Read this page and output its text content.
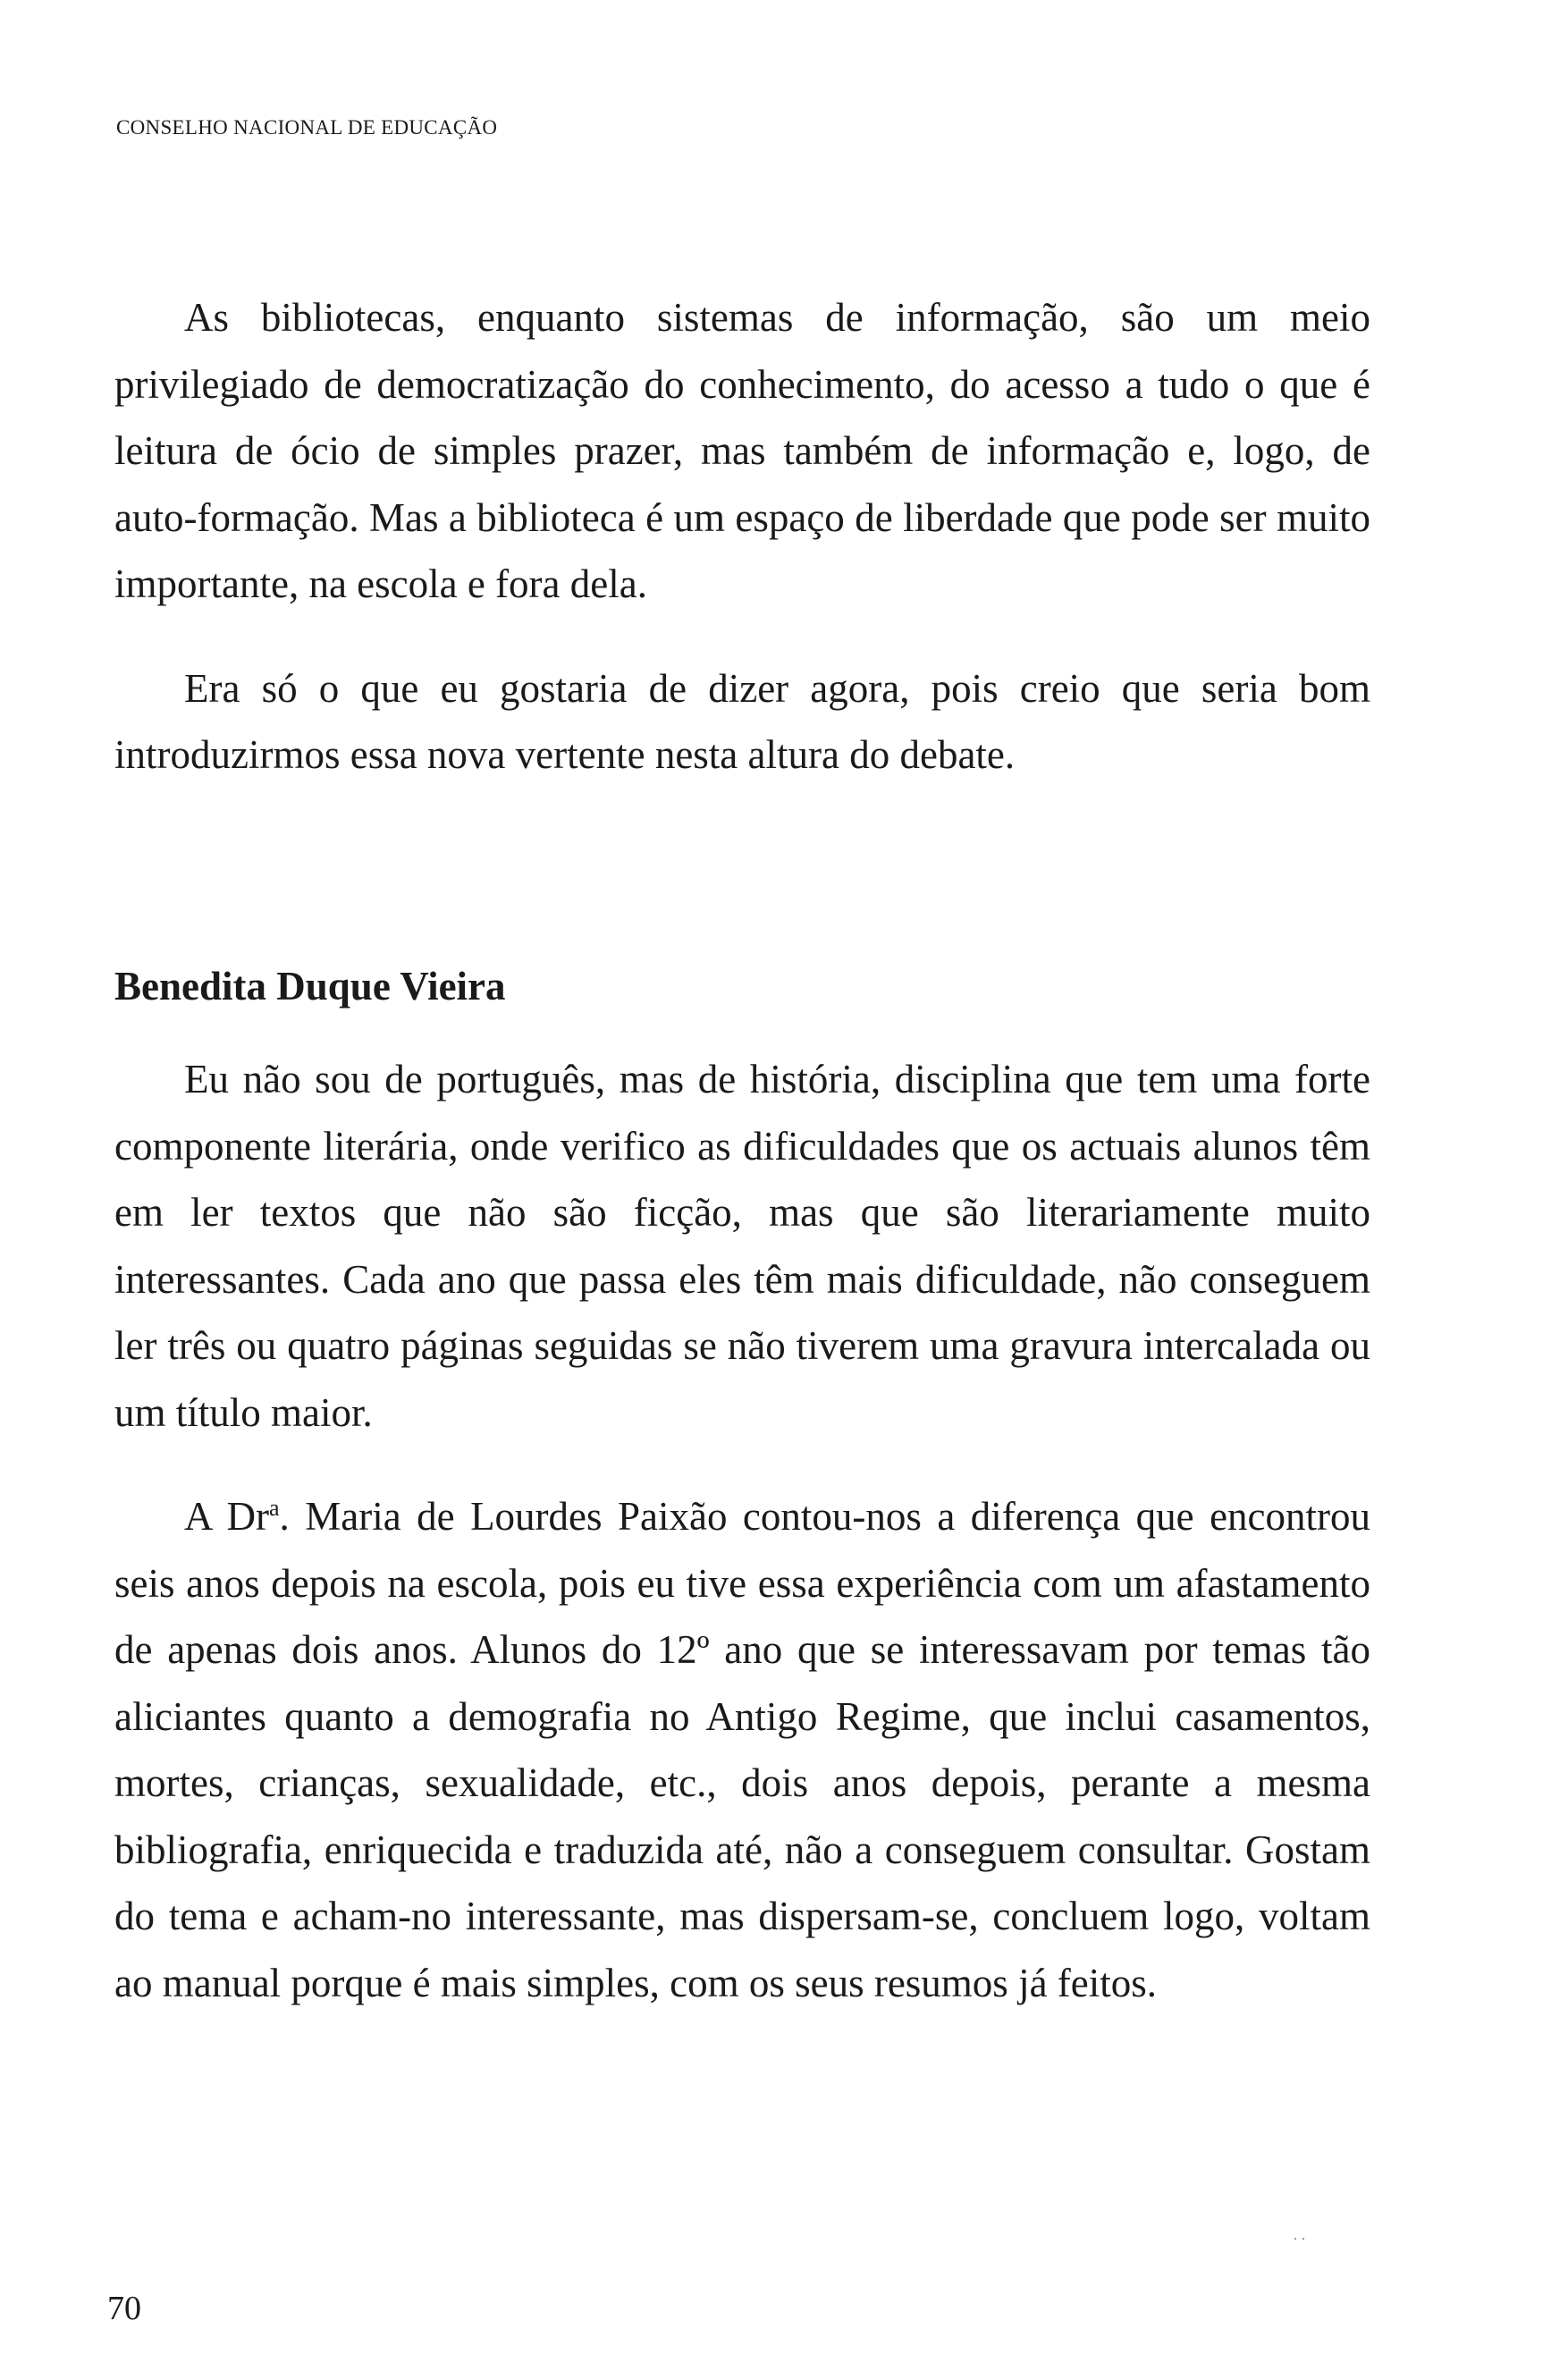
CONSELHO NACIONAL DE EDUCAÇÃO

As bibliotecas, enquanto sistemas de informação, são um meio privilegiado de democratização do conhecimento, do acesso a tudo o que é leitura de ócio de simples prazer, mas também de informação e, logo, de auto-formação. Mas a biblioteca é um espaço de liberdade que pode ser muito importante, na escola e fora dela.

Era só o que eu gostaria de dizer agora, pois creio que seria bom introduzirmos essa nova vertente nesta altura do debate.

Benedita Duque Vieira

Eu não sou de português, mas de história, disciplina que tem uma forte componente literária, onde verifico as dificuldades que os actuais alunos têm em ler textos que não são ficção, mas que são literariamente muito interessantes. Cada ano que passa eles têm mais dificuldade, não conseguem ler três ou quatro páginas seguidas se não tiverem uma gravura intercalada ou um título maior.

A Dr$^a$. Maria de Lourdes Paixão contou-nos a diferença que encontrou seis anos depois na escola, pois eu tive essa experiência com um afastamento de apenas dois anos. Alunos do 12º ano que se interessavam por temas tão aliciantes quanto a demografia no Antigo Regime, que inclui casamentos, mortes, crianças, sexualidade, etc., dois anos depois, perante a mesma bibliografia, enriquecida e traduzida até, não a conseguem consultar. Gostam do tema e acham-no interessante, mas dispersam-se, concluem logo, voltam ao manual porque é mais simples, com os seus resumos já feitos.

70
